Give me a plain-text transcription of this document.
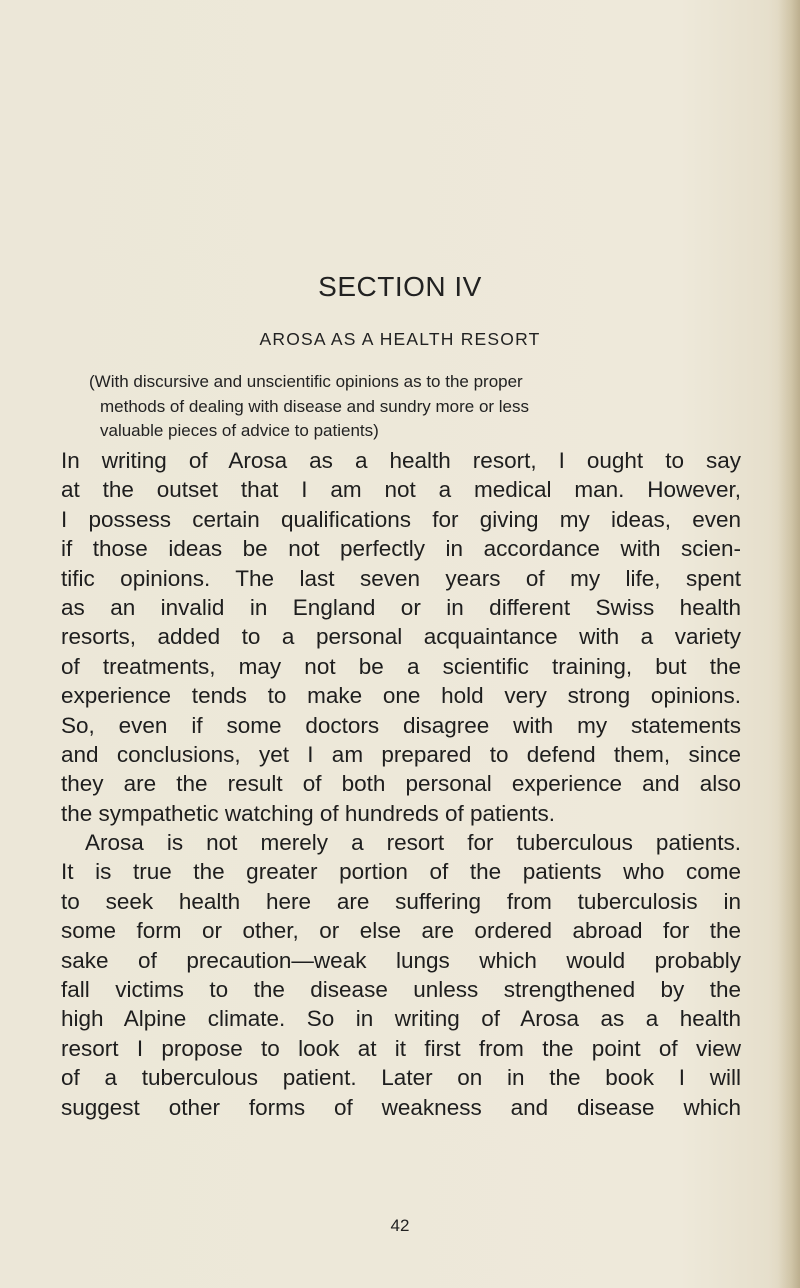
SECTION IV
AROSA AS A HEALTH RESORT
(With discursive and unscientific opinions as to the proper
methods of dealing with disease and sundry more or less
valuable pieces of advice to patients)
In writing of Arosa as a health resort, I ought to say
at the outset that I am not a medical man. However,
I possess certain qualifications for giving my ideas, even
if those ideas be not perfectly in accordance with scien-
tific opinions. The last seven years of my life, spent
as an invalid in England or in different Swiss health
resorts, added to a personal acquaintance with a variety
of treatments, may not be a scientific training, but the
experience tends to make one hold very strong opinions.
So, even if some doctors disagree with my statements
and conclusions, yet I am prepared to defend them, since
they are the result of both personal experience and also
the sympathetic watching of hundreds of patients.
Arosa is not merely a resort for tuberculous patients.
It is true the greater portion of the patients who come
to seek health here are suffering from tuberculosis in
some form or other, or else are ordered abroad for the
sake of precaution—weak lungs which would probably
fall victims to the disease unless strengthened by the
high Alpine climate. So in writing of Arosa as a health
resort I propose to look at it first from the point of view
of a tuberculous patient. Later on in the book I will
suggest other forms of weakness and disease which
42
